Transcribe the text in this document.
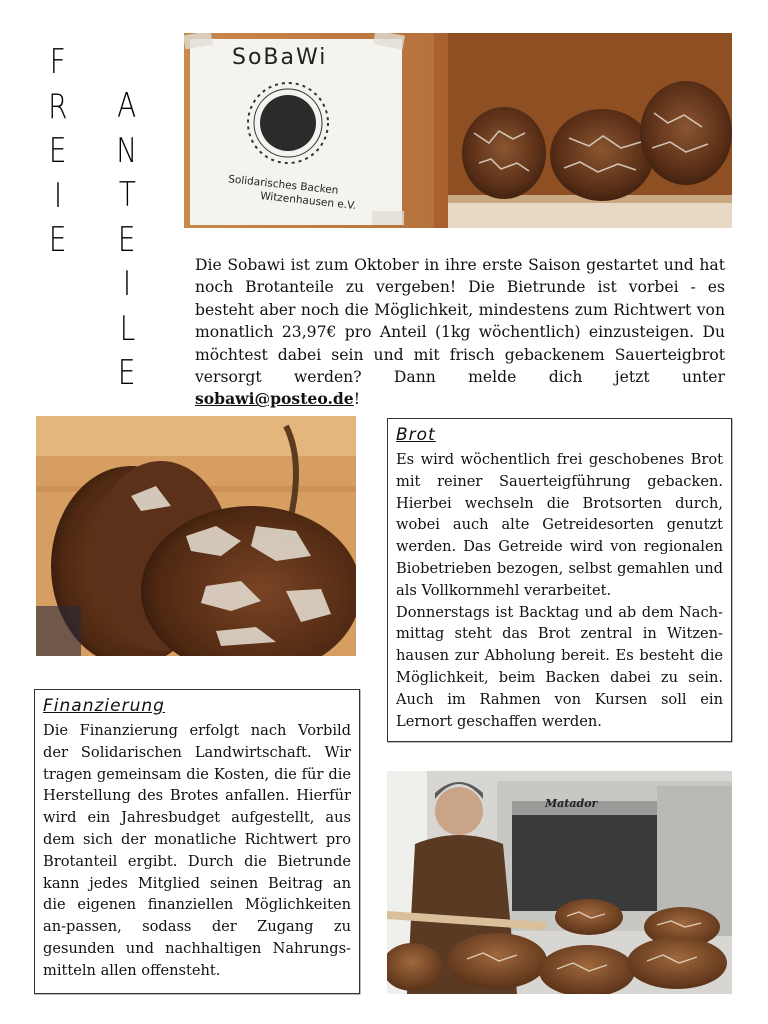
F
R
E
I
E
A
N
T
E
I
L
E
SoBaWi
Solidarisches Backen
Witzenhausen e.V.
Die Sobawi ist zum Oktober in ihre erste Saison gestartet und hat noch Brotanteile zu vergeben! Die Bietrunde ist vorbei - es besteht aber noch die Möglichkeit, mindestens zum Richtwert von monatlich 23,97€ pro Anteil (1kg wöchentlich) einzusteigen. Du möchtest dabei sein und mit frisch gebackenem Sauerteigbrot versorgt werden? Dann melde dich jetzt unter sobawi@posteo.de!
Brot

Es wird wöchentlich frei geschobenes Brot mit reiner Sauerteigführung gebacken. Hierbei wechseln die Brotsorten durch, wobei auch alte Getreidesorten genutzt werden. Das Getreide wird von regionalen Biobetrieben bezogen, selbst gemahlen und als Vollkornmehl verarbeitet.

Donnerstags ist Backtag und ab dem Nach-mittag steht das Brot zentral in Witzen-hausen zur Abholung bereit. Es besteht die Möglichkeit, beim Backen dabei zu sein. Auch im Rahmen von Kursen soll ein Lernort geschaffen werden.

Finanzierung

Die Finanzierung erfolgt nach Vorbild der Solidarischen Landwirtschaft. Wir tragen gemeinsam die Kosten, die für die Herstellung des Brotes anfallen. Hierfür wird ein Jahresbudget aufgestellt, aus dem sich der monatliche Richtwert pro Brotanteil ergibt. Durch die Bietrunde kann jedes Mitglied seinen Beitrag an die eigenen finanziellen Möglichkeiten an-passen, sodass der Zugang zu gesunden und nachhaltigen Nahrungs-mitteln allen offensteht.

Matador
